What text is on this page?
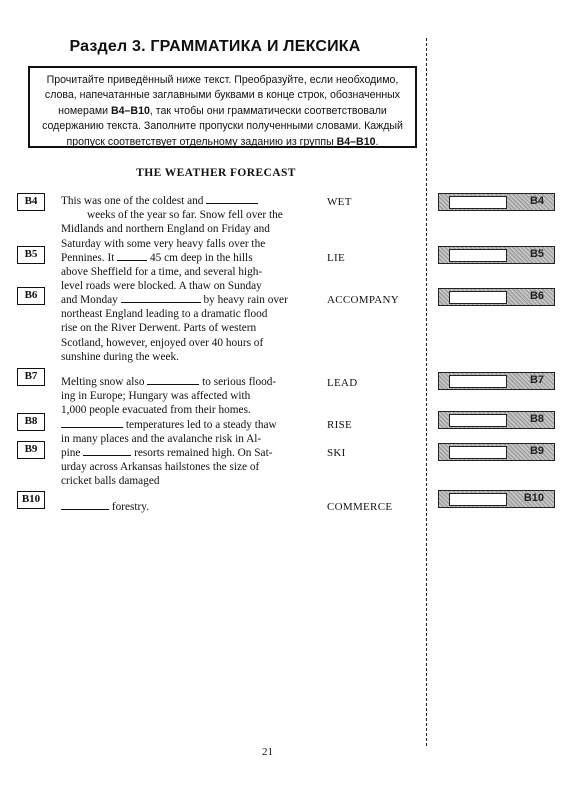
Раздел 3. ГРАММАТИКА И ЛЕКСИКА
Прочитайте приведённый ниже текст. Преобразуйте, если необходимо, слова, напечатанные заглавными буквами в конце строк, обозначенных номерами B4–B10, так чтобы они грамматически соответствовали содержанию текста. Заполните пропуски полученными словами. Каждый пропуск соответствует отдельному заданию из группы B4–B10.
THE WEATHER FORECAST
B4	This was one of the coldest and
weeks of the year so far. Snow fell over the
Midlands and northern England on Friday and
Saturday with some very heavy falls over the
WET	B4
B5	Pennines. It	45 cm deep in the hills
above Sheffield for a time, and several high-
level roads were blocked. A thaw on Sunday
LIE	B5
B6	and Monday	by heavy rain over
northeast England leading to a dramatic flood
rise on the River Derwent. Parts of western
Scotland, however, enjoyed over 40 hours of
sunshine during the week.
ACCOMPANY	B6
B7	Melting snow also	to serious flood-
ing in Europe; Hungary was affected with
1,000 people evacuated from their homes.
LEAD	B7
B8	temperatures led to a steady thaw
in many places and the avalanche risk in Al-
RISE	B8
B9	pine	resorts remained high. On Sat-
urday across Arkansas hailstones the size of
cricket balls damaged
SKI	B9
B10
forestry.	COMMERCE
B10
21
